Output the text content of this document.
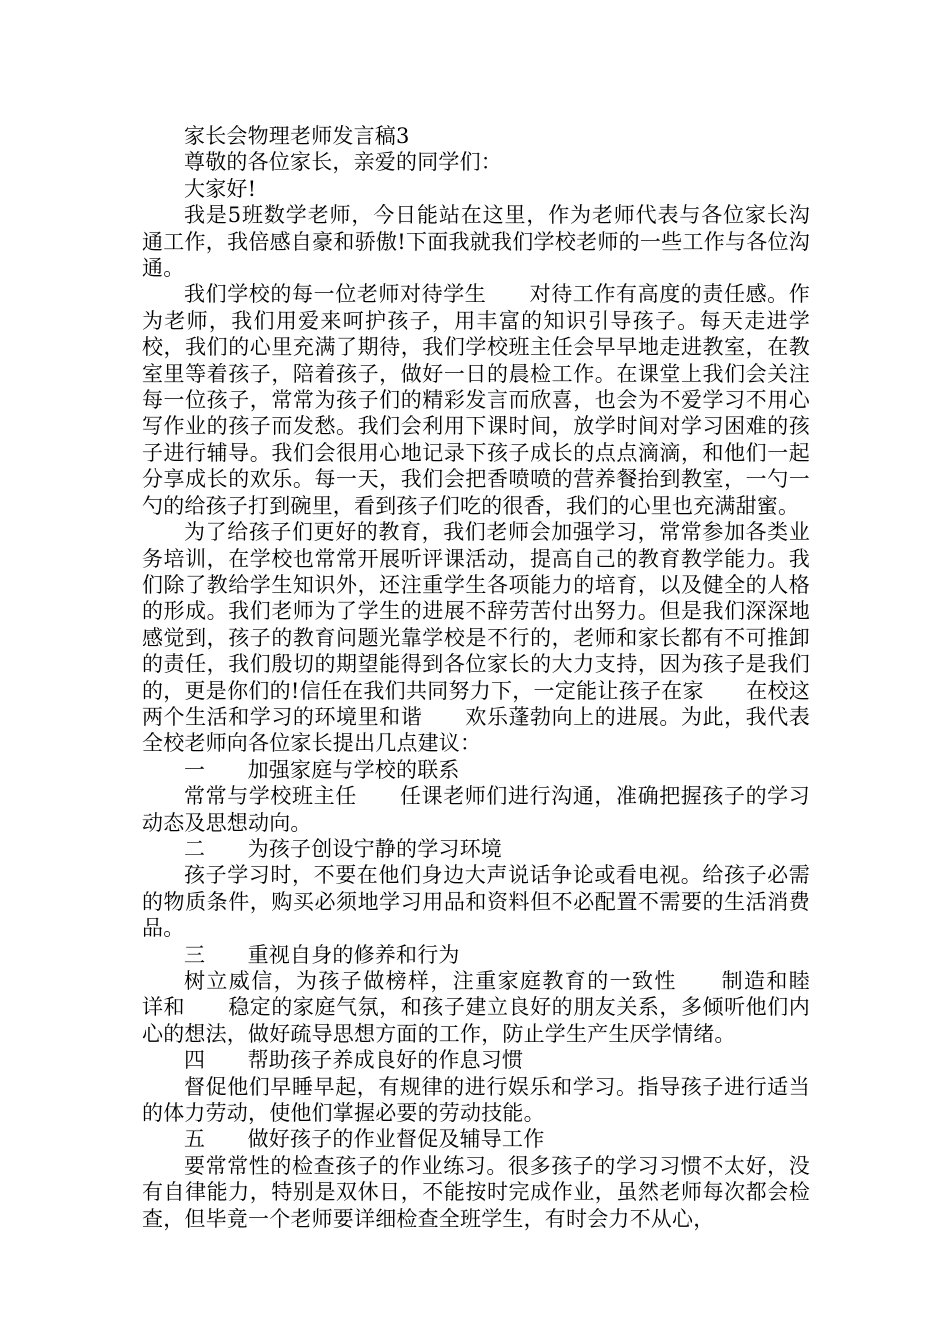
家长会物理老师发言稿3

尊敬的各位家长，亲爱的同学们：

大家好!

我是5班数学老师，今日能站在这里，作为老师代表与各位家长沟通工作，我倍感自豪和骄傲!下面我就我们学校老师的一些工作与各位沟通。

我们学校的每一位老师对待学生　　对待工作有高度的责任感。作为老师，我们用爱来呵护孩子，用丰富的知识引导孩子。每天走进学校，我们的心里充满了期待，我们学校班主任会早早地走进教室，在教室里等着孩子，陪着孩子，做好一日的晨检工作。在课堂上我们会关注每一位孩子，常常为孩子们的精彩发言而欣喜，也会为不爱学习不用心写作业的孩子而发愁。我们会利用下课时间，放学时间对学习困难的孩子进行辅导。我们会很用心地记录下孩子成长的点点滴滴，和他们一起分享成长的欢乐。每一天，我们会把香喷喷的营养餐抬到教室，一勺一勺的给孩子打到碗里，看到孩子们吃的很香，我们的心里也充满甜蜜。

为了给孩子们更好的教育，我们老师会加强学习，常常参加各类业务培训，在学校也常常开展听评课活动，提高自己的教育教学能力。我们除了教给学生知识外，还注重学生各项能力的培育，以及健全的人格的形成。我们老师为了学生的进展不辞劳苦付出努力。但是我们深深地感觉到，孩子的教育问题光靠学校是不行的，老师和家长都有不可推卸的责任，我们殷切的期望能得到各位家长的大力支持，因为孩子是我们的，更是你们的!信任在我们共同努力下，一定能让孩子在家　　在校这两个生活和学习的环境里和谐　　欢乐蓬勃向上的进展。为此，我代表全校老师向各位家长提出几点建议：

一　　加强家庭与学校的联系

常常与学校班主任　　任课老师们进行沟通，准确把握孩子的学习动态及思想动向。

二　　为孩子创设宁静的学习环境

孩子学习时，不要在他们身边大声说话争论或看电视。给孩子必需的物质条件，购买必须地学习用品和资料但不必配置不需要的生活消费品。

三　　重视自身的修养和行为

树立威信，为孩子做榜样，注重家庭教育的一致性　　制造和睦　　详和　　稳定的家庭气氛，和孩子建立良好的朋友关系，多倾听他们内心的想法，做好疏导思想方面的工作，防止学生产生厌学情绪。

四　　帮助孩子养成良好的作息习惯

督促他们早睡早起，有规律的进行娱乐和学习。指导孩子进行适当的体力劳动，使他们掌握必要的劳动技能。

五　　做好孩子的作业督促及辅导工作

要常常性的检查孩子的作业练习。很多孩子的学习习惯不太好，没有自律能力，特别是双休日，不能按时完成作业，虽然老师每次都会检查，但毕竟一个老师要详细检查全班学生，有时会力不从心，
